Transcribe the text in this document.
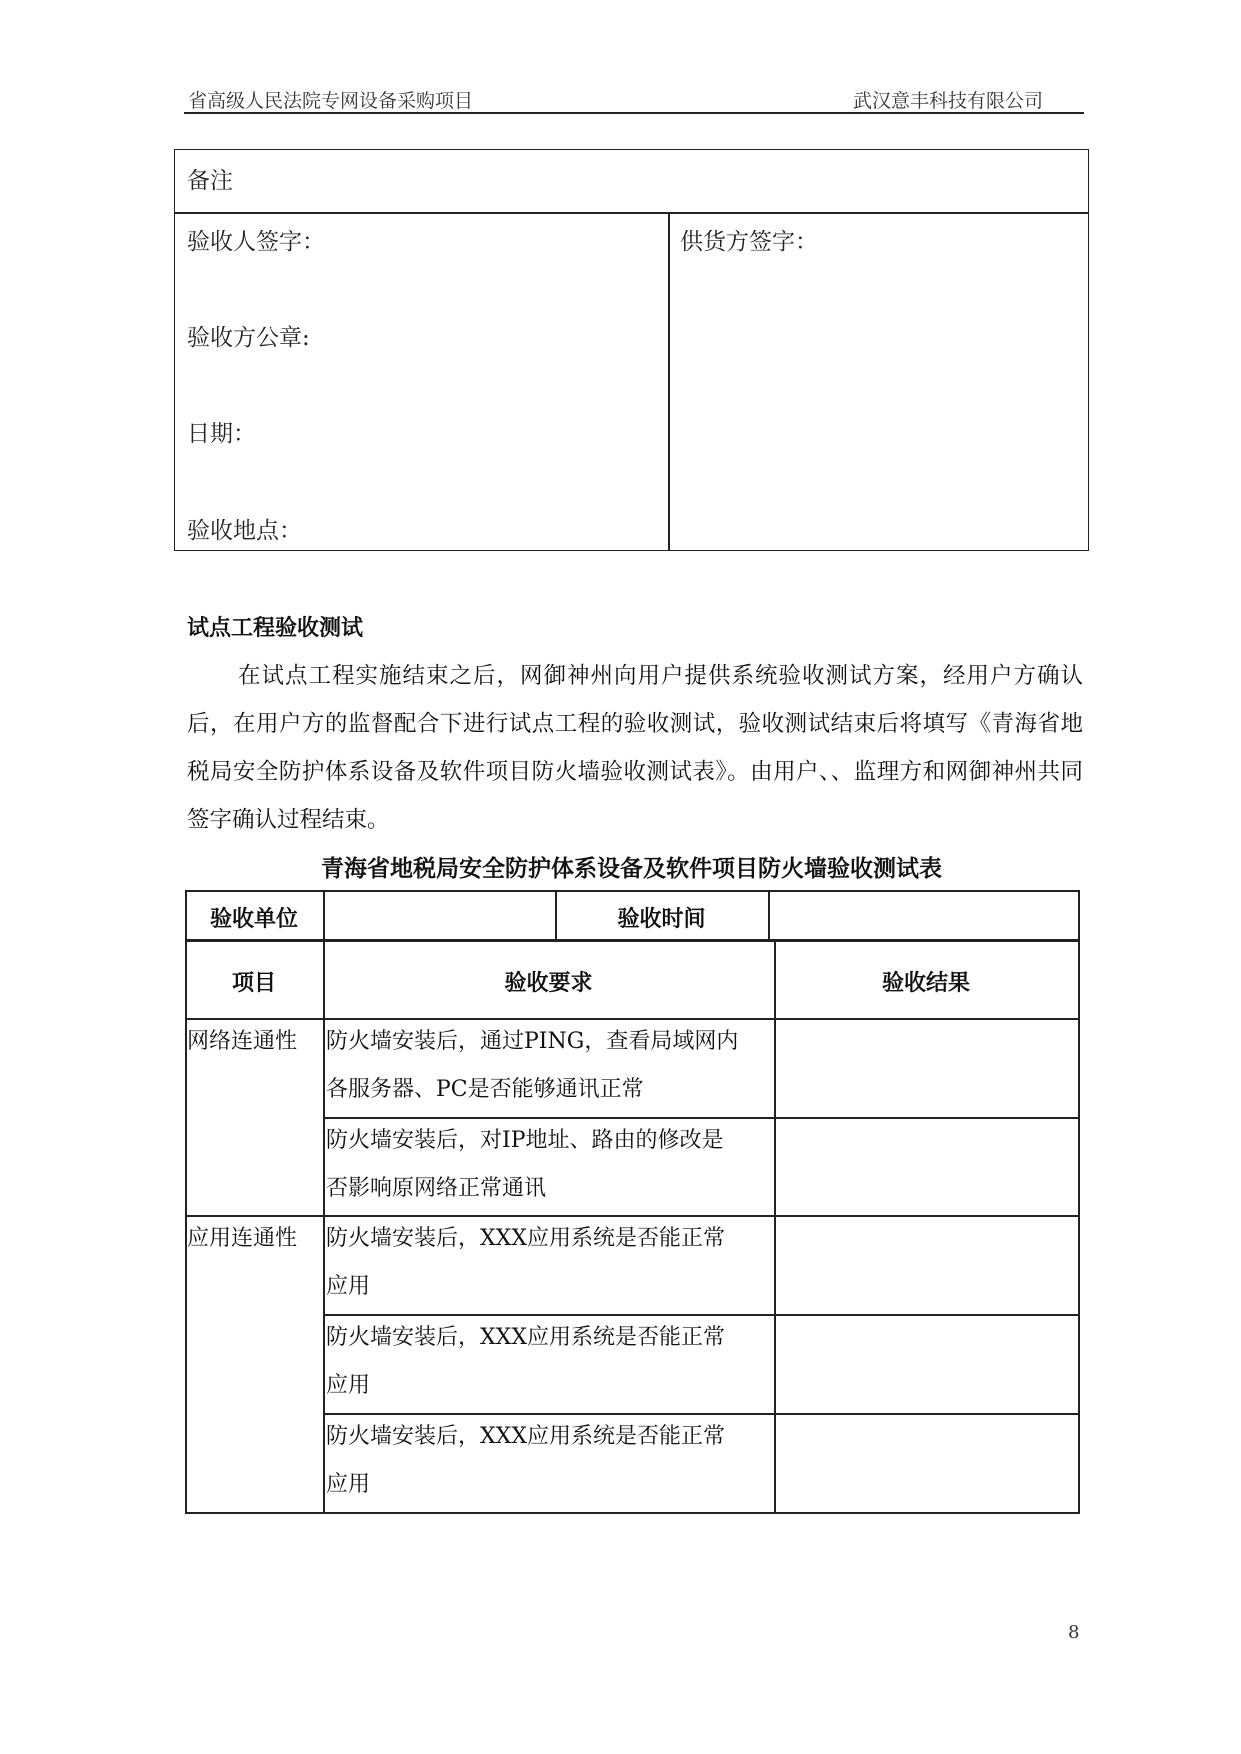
省高级人民法院专网设备采购项目	武汉意丰科技有限公司
备注
验收人签字：
验收方公章:
日期：
验收地点：
供货方签字：
试点工程验收测试
在试点工程实施结束之后，网御神州向用户提供系统验收测试方案，经用户方确认后，在用户方的监督配合下进行试点工程的验收测试，验收测试结束后将填写《青海省地税局安全防护体系设备及软件项目防火墙验收测试表》。由用户、、监理方和网御神州共同签字确认过程结束。
青海省地税局安全防护体系设备及软件项目防火墙验收测试表
验收单位	验收时间
项目	验收要求	验收结果
网络连通性 防火墙安装后，通过PING，查看局域网内
各服务器、PC是否能够通讯正常
防火墙安装后，对IP地址、路由的修改是
否影响原网络正常通讯
应用连通性 防火墙安装后，XXX应用系统是否能正常
应用
防火墙安装后，XXX应用系统是否能正常
应用
防火墙安装后，XXX应用系统是否能正常
应用
8
